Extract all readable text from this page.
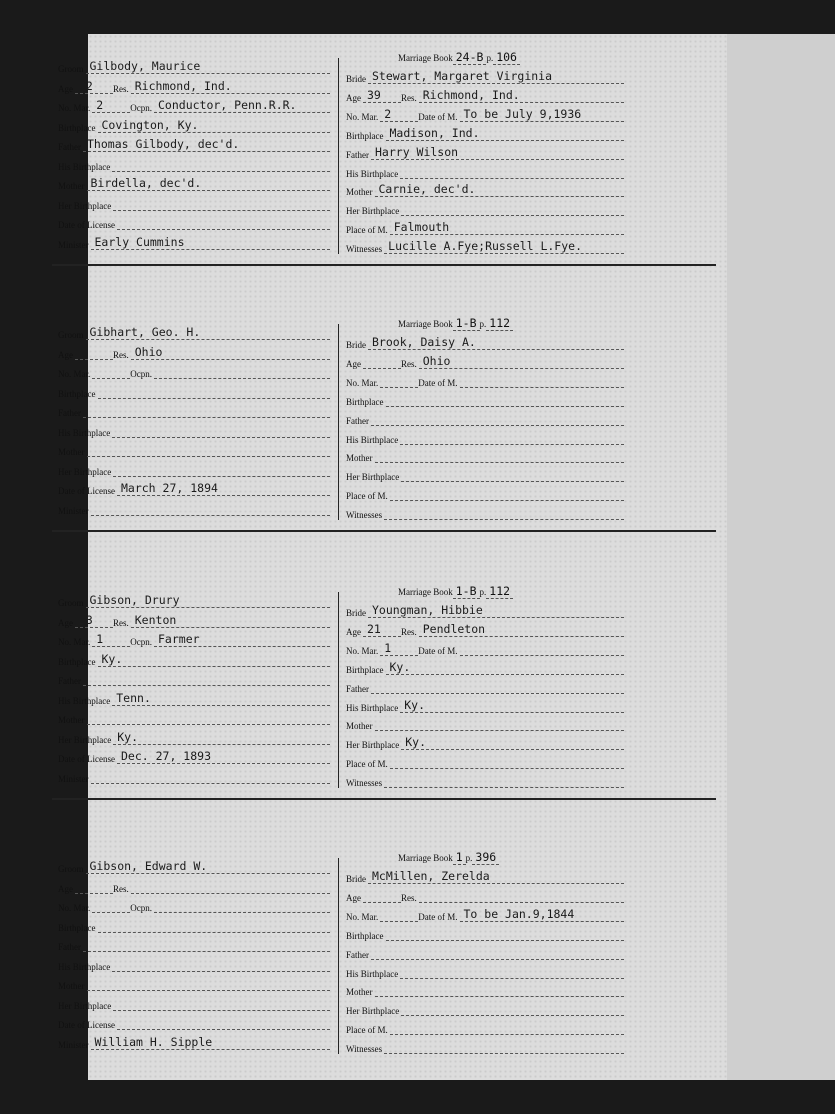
Groom Gilbody, Maurice
Age 42	Res. Richmond, Ind.
No. Mar. 2	Ocpn. Conductor, Penn.R.R.
Birthplace Covington, Ky.
Father Thomas Gilbody, dec'd.
His Birthplace
Mother Birdella, dec'd.
Her Birthplace
Date of License
Minister Early Cummins
Marriage Book 24-B p. 106
Bride Stewart, Margaret Virginia
Age 39	Res. Richmond, Ind.
No. Mar. 2	Date of M. To be July 9,1936
Birthplace Madison, Ind.
Father Harry Wilson
His Birthplace
Mother Carnie, dec'd.
Her Birthplace
Place of M. Falmouth
Witnesses Lucille A.Fye;Russell L.Fye.
Groom Gibhart, Geo. H.
Age	Res. Ohio
No. Mar.	Ocpn.
Birthplace
Father
His Birthplace
Mother
Her Birthplace
Date of License March 27, 1894
Minister
Marriage Book 1-B p. 112
Bride Brook, Daisy A.
Age	Res. Ohio
No. Mar.	Date of M.
Birthplace
Father
His Birthplace
Mother
Her Birthplace
Place of M.
Witnesses
Groom Gibson, Drury
Age 23	Res. Kenton
No. Mar. 1	Ocpn. Farmer
Birthplace Ky.
Father
His Birthplace Tenn.
Mother
Her Birthplace Ky.
Date of License Dec. 27, 1893
Minister
Marriage Book 1-B p. 112
Bride Youngman, Hibbie
Age 21	Res. Pendleton
No. Mar. 1	Date of M.
Birthplace Ky.
Father
His Birthplace Ky.
Mother
Her Birthplace Ky.
Place of M.
Witnesses
Groom Gibson, Edward W.
Age	Res.
No. Mar.	Ocpn.
Birthplace
Father
His Birthplace
Mother
Her Birthplace
Date of License
Minister William H. Sipple
Marriage Book 1 p. 396
Bride McMillen, Zerelda
Age	Res.
No. Mar.	Date of M. To be Jan.9,1844
Birthplace
Father
His Birthplace
Mother
Her Birthplace
Place of M.
Witnesses
